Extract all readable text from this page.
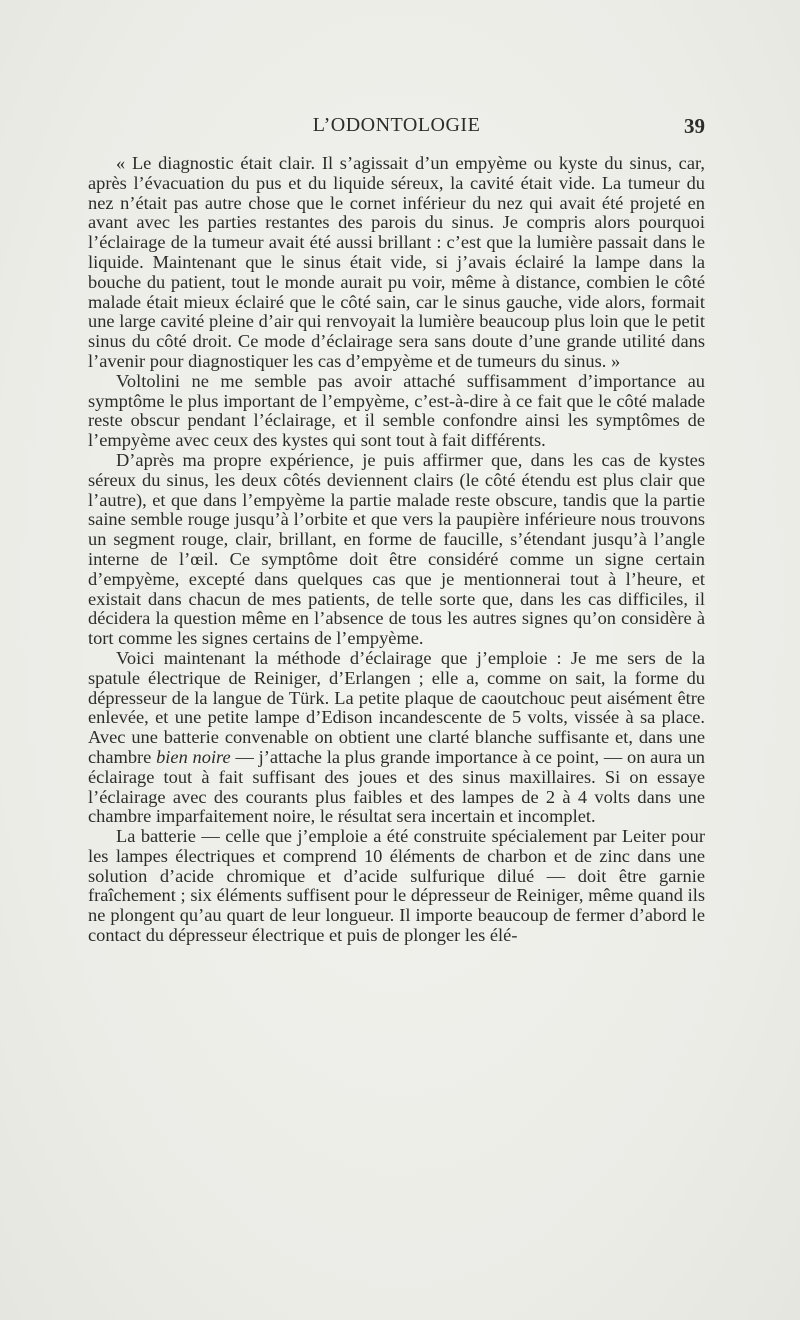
L’ODONTOLOGIE	39

« Le diagnostic était clair. Il s’agissait d’un empyème ou kyste du sinus, car, après l’évacuation du pus et du liquide séreux, la cavité était vide. La tumeur du nez n’était pas autre chose que le cornet inférieur du nez qui avait été projeté en avant avec les parties restantes des parois du sinus. Je compris alors pourquoi l’éclairage de la tumeur avait été aussi brillant : c’est que la lumière passait dans le liquide. Maintenant que le sinus était vide, si j’avais éclairé la lampe dans la bouche du patient, tout le monde aurait pu voir, même à distance, combien le côté malade était mieux éclairé que le côté sain, car le sinus gauche, vide alors, formait une large cavité pleine d’air qui renvoyait la lumière beaucoup plus loin que le petit sinus du côté droit. Ce mode d’éclairage sera sans doute d’une grande utilité dans l’avenir pour diagnostiquer les cas d’empyème et de tumeurs du sinus. »

Voltolini ne me semble pas avoir attaché suffisamment d’importance au symptôme le plus important de l’empyème, c’est-à-dire à ce fait que le côté malade reste obscur pendant l’éclairage, et il semble confondre ainsi les symptômes de l’empyème avec ceux des kystes qui sont tout à fait différents.

D’après ma propre expérience, je puis affirmer que, dans les cas de kystes séreux du sinus, les deux côtés deviennent clairs (le côté étendu est plus clair que l’autre), et que dans l’empyème la partie malade reste obscure, tandis que la partie saine semble rouge jusqu’à l’orbite et que vers la paupière inférieure nous trouvons un segment rouge, clair, brillant, en forme de faucille, s’étendant jusqu’à l’angle interne de l’œil. Ce symptôme doit être considéré comme un signe certain d’empyème, excepté dans quelques cas que je mentionnerai tout à l’heure, et existait dans chacun de mes patients, de telle sorte que, dans les cas difficiles, il décidera la question même en l’absence de tous les autres signes qu’on considère à tort comme les signes certains de l’empyème.

Voici maintenant la méthode d’éclairage que j’emploie : Je me sers de la spatule électrique de Reiniger, d’Erlangen ; elle a, comme on sait, la forme du dépresseur de la langue de Türk. La petite plaque de caoutchouc peut aisément être enlevée, et une petite lampe d’Edison incandescente de 5 volts, vissée à sa place. Avec une batterie convenable on obtient une clarté blanche suffisante et, dans une chambre bien noire — j’attache la plus grande importance à ce point, — on aura un éclairage tout à fait suffisant des joues et des sinus maxillaires. Si on essaye l’éclairage avec des courants plus faibles et des lampes de 2 à 4 volts dans une chambre imparfaitement noire, le résultat sera incertain et incomplet.

La batterie — celle que j’emploie a été construite spécialement par Leiter pour les lampes électriques et comprend 10 éléments de charbon et de zinc dans une solution d’acide chromique et d’acide sulfurique dilué — doit être garnie fraîchement ; six éléments suffisent pour le dépresseur de Reiniger, même quand ils ne plongent qu’au quart de leur longueur. Il importe beaucoup de fermer d’abord le contact du dépresseur électrique et puis de plonger les élé-
